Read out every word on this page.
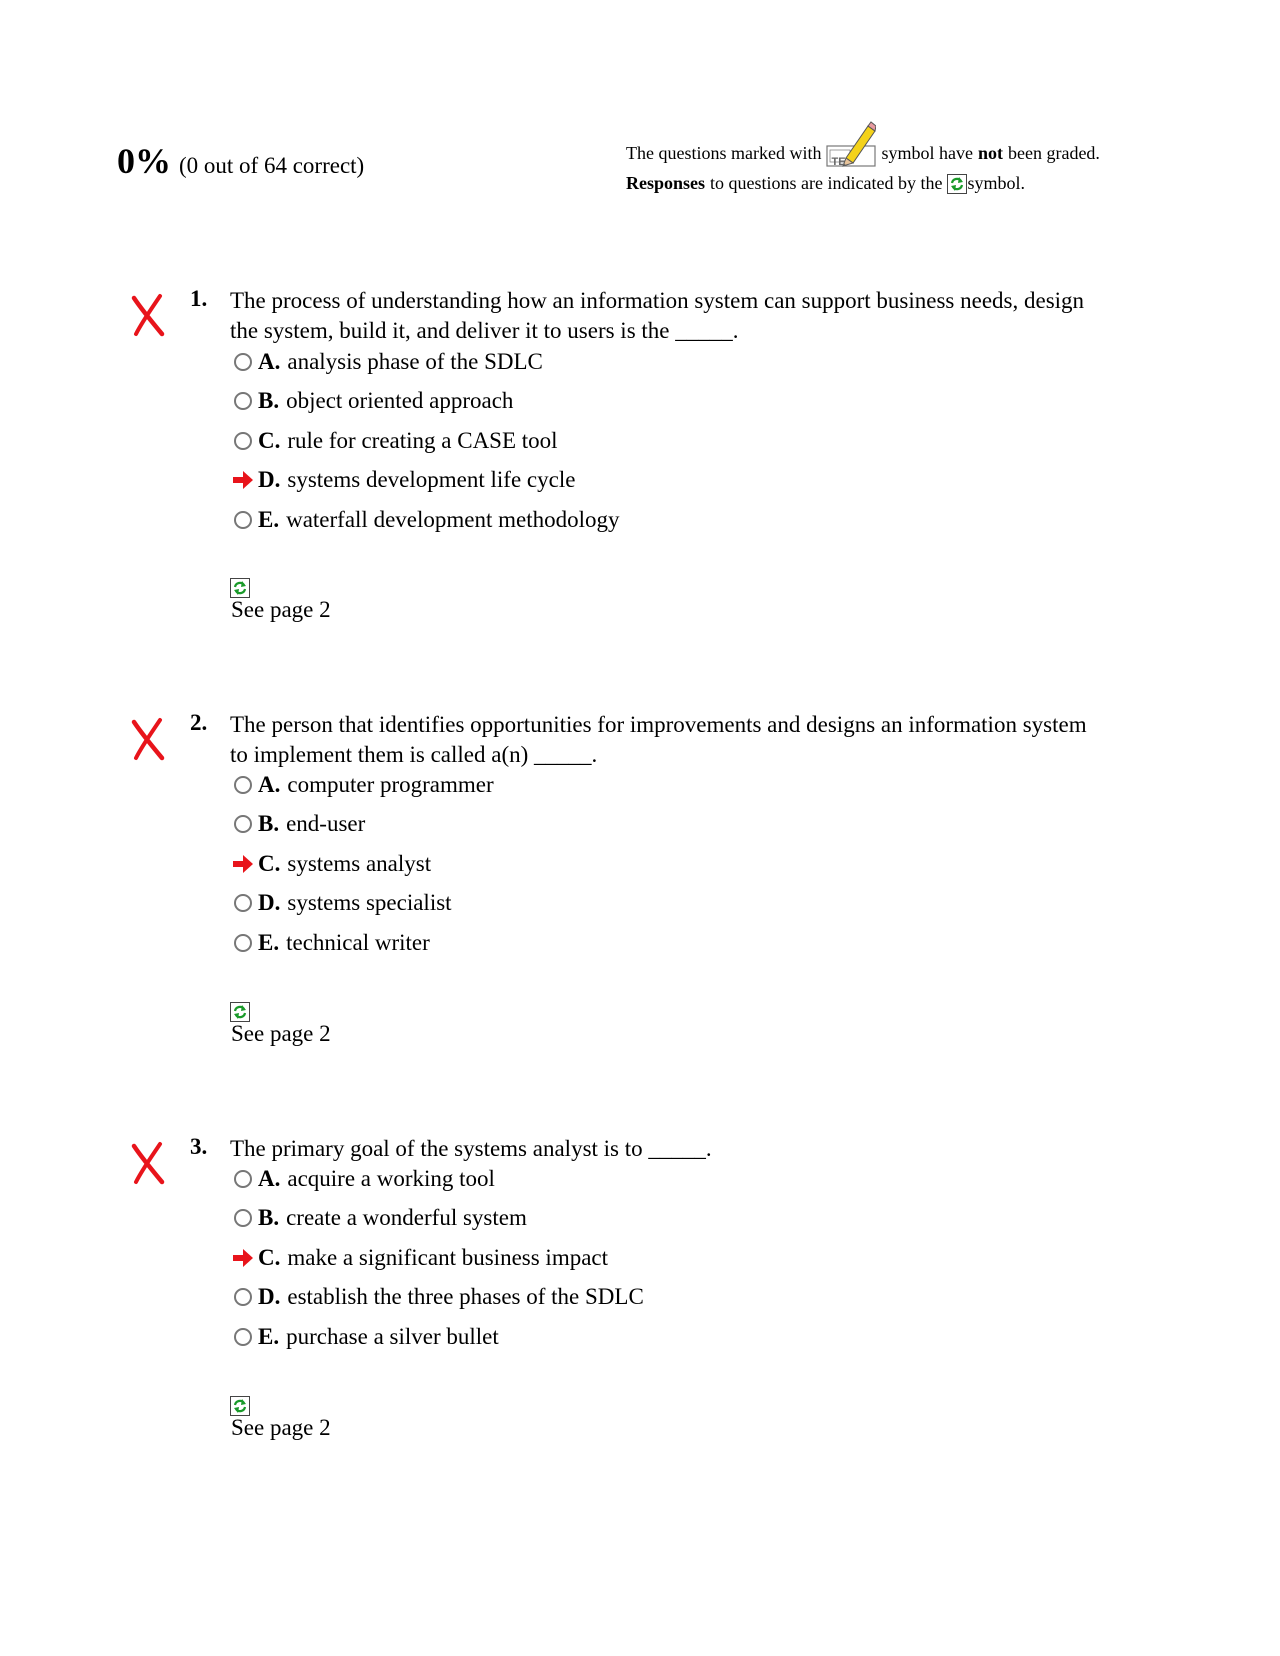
0% (0 out of 64 correct)	The questions marked with TE symbol have not been graded.
Responses to questions are indicated by the symbol.
1. The process of understanding how an information system can support business needs, design the system, build it, and deliver it to users is the _____.
A. analysis phase of the SDLC
B. object oriented approach
C. rule for creating a CASE tool
D. systems development life cycle
E. waterfall development methodology
See page 2
2. The person that identifies opportunities for improvements and designs an information system to implement them is called a(n) _____.
A. computer programmer
B. end-user
C. systems analyst
D. systems specialist
E. technical writer
See page 2
3. The primary goal of the systems analyst is to _____.
A. acquire a working tool
B. create a wonderful system
C. make a significant business impact
D. establish the three phases of the SDLC
E. purchase a silver bullet
See page 2
